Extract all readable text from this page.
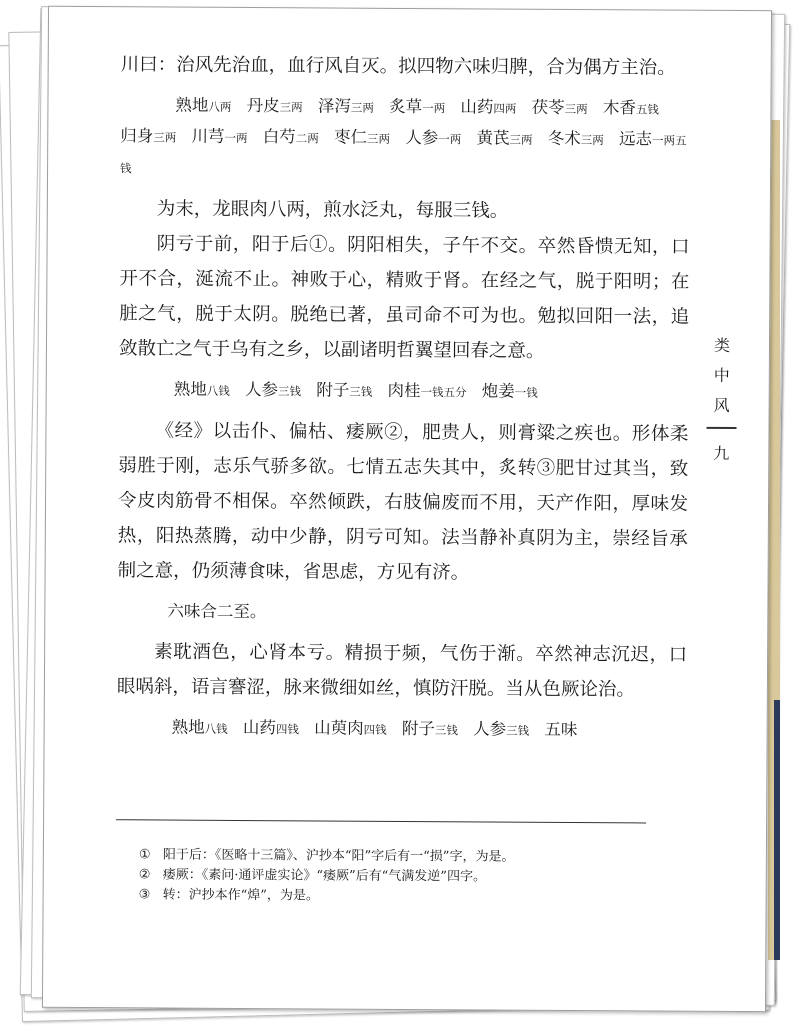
川曰：治风先治血，血行风自灭。拟四物六味归脾，合为偶方主治。

熟地八两 丹皮三两 泽泻三两 炙草一两 山药四两 茯苓三两 木香五钱 归身三两 川芎一两 白芍二两 枣仁三两 人参一两 黄芪三两 冬术三两 远志一两五钱

为末，龙眼肉八两，煎水泛丸，每服三钱。

阴亏于前，阳于后①。阴阳相失，子午不交。卒然昏愦无知，口开不合，涎流不止。神败于心，精败于肾。在经之气，脱于阳明；在脏之气，脱于太阴。脱绝已著，虽司命不可为也。勉拟回阳一法，追敛散亡之气于乌有之乡，以副诸明哲翼望回春之意。

熟地八钱 人参三钱 附子三钱 肉桂一钱五分 炮姜一钱

《经》以击仆、偏枯、痿厥②，肥贵人，则膏粱之疾也。形体柔弱胜于刚，志乐气骄多欲。七情五志失其中，炙转③肥甘过其当，致令皮肉筋骨不相保。卒然倾跌，右肢偏废而不用，天产作阳，厚味发热，阳热蒸腾，动中少静，阴亏可知。法当静补真阴为主，崇经旨承制之意，仍须薄食味，省思虑，方见有济。

六味合二至。

素耽酒色，心肾本亏。精损于频，气伤于渐。卒然神志沉迟，口眼㖞斜，语言謇涩，脉来微细如丝，慎防汗脱。当从色厥论治。

熟地八钱 山药四钱 山萸肉四钱 附子三钱 人参三钱 五味
类
中
风
九

① 阳于后：《医略十三篇》、沪抄本“阳”字后有一“损”字，为是。

② 痿厥：《素问·通评虚实论》“痿厥”后有“气满发逆”四字。

③ 转：沪抄本作“㷆”，为是。
